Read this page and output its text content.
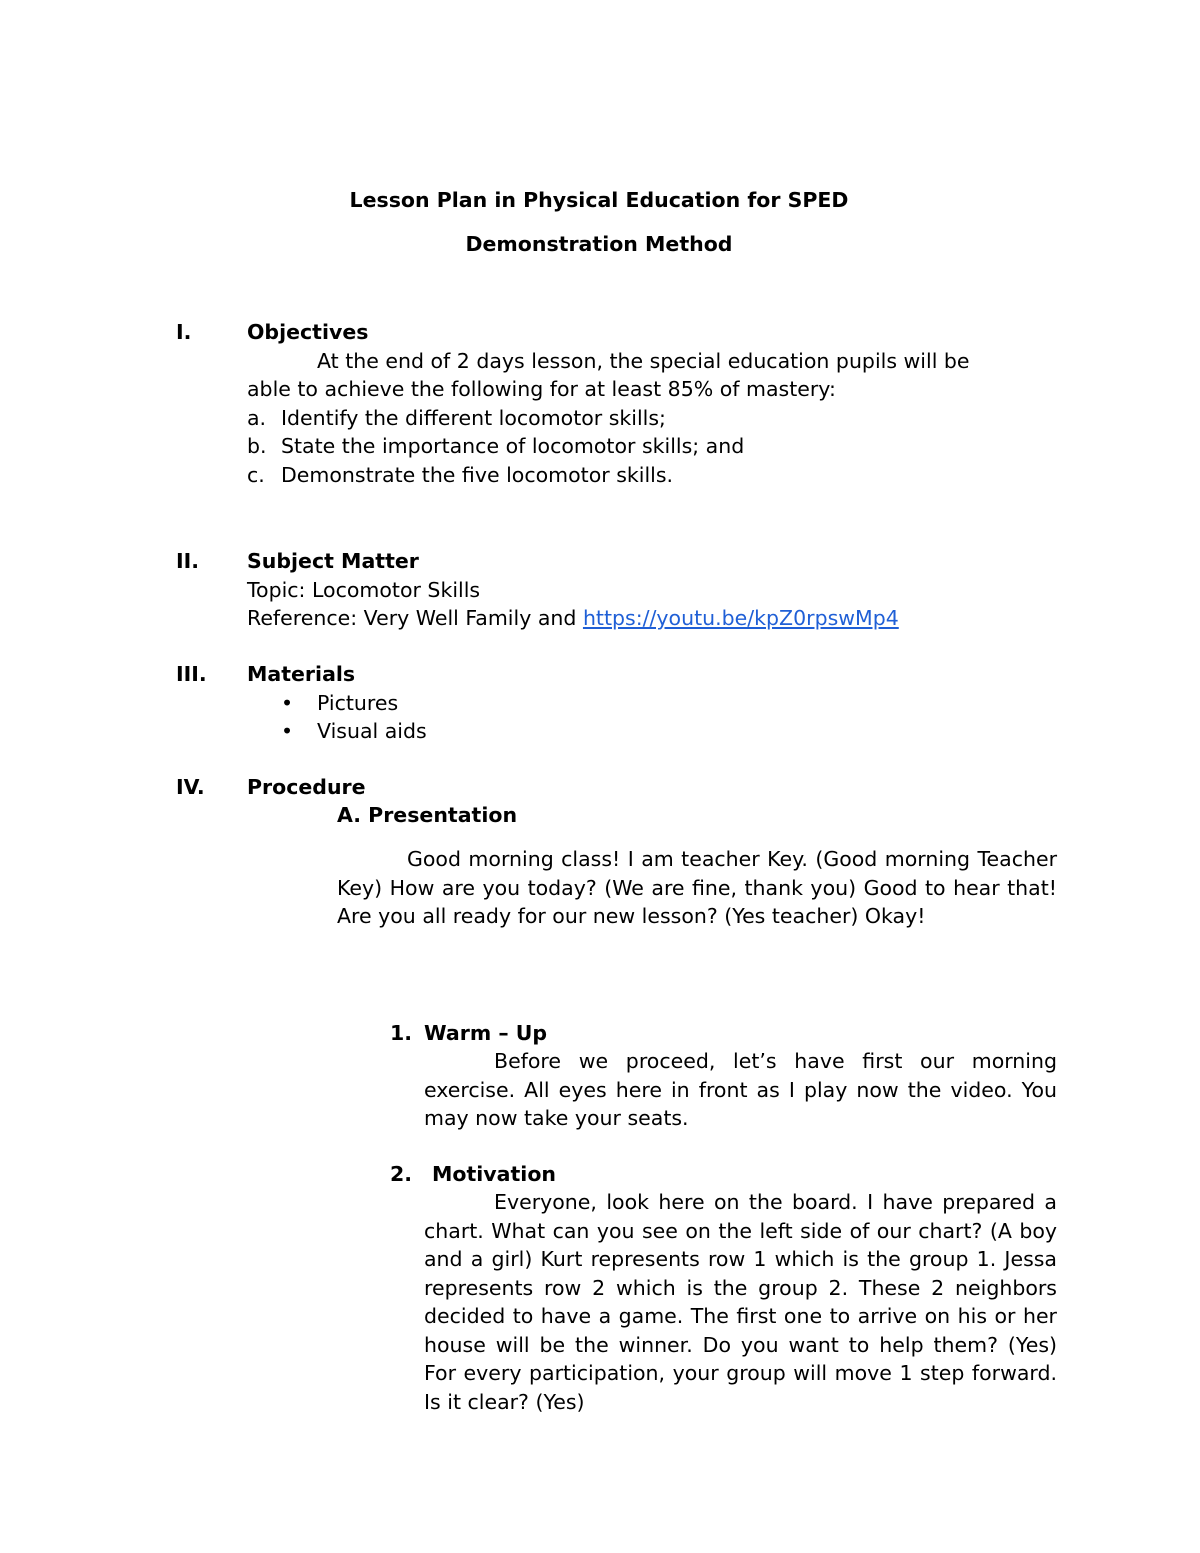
Lesson Plan in Physical Education for SPED
Demonstration Method
I.	Objectives
At the end of 2 days lesson, the special education pupils will be
able to achieve the following for at least 85% of mastery:
a. Identify the different locomotor skills;
b. State the importance of locomotor skills; and
c. Demonstrate the five locomotor skills.
II. Subject Matter
Topic: Locomotor Skills
Reference: Very Well Family and https://youtu.be/kpZ0rpswMp4
III. Materials
• Pictures
• Visual aids
IV. Procedure
A. Presentation
Good morning class! I am teacher Key. (Good morning Teacher Key) How are you today? (We are fine, thank you) Good to hear that! Are you all ready for our new lesson? (Yes teacher) Okay!
1. Warm – Up
Before we proceed, let’s have first our morning exercise. All eyes here in front as I play now the video. You may now take your seats.
2. Motivation
Everyone, look here on the board. I have prepared a chart. What can you see on the left side of our chart? (A boy and a girl) Kurt represents row 1 which is the group 1. Jessa represents row 2 which is the group 2. These 2 neighbors decided to have a game. The first one to arrive on his or her house will be the winner. Do you want to help them? (Yes) For every participation, your group will move 1 step forward. Is it clear? (Yes)
